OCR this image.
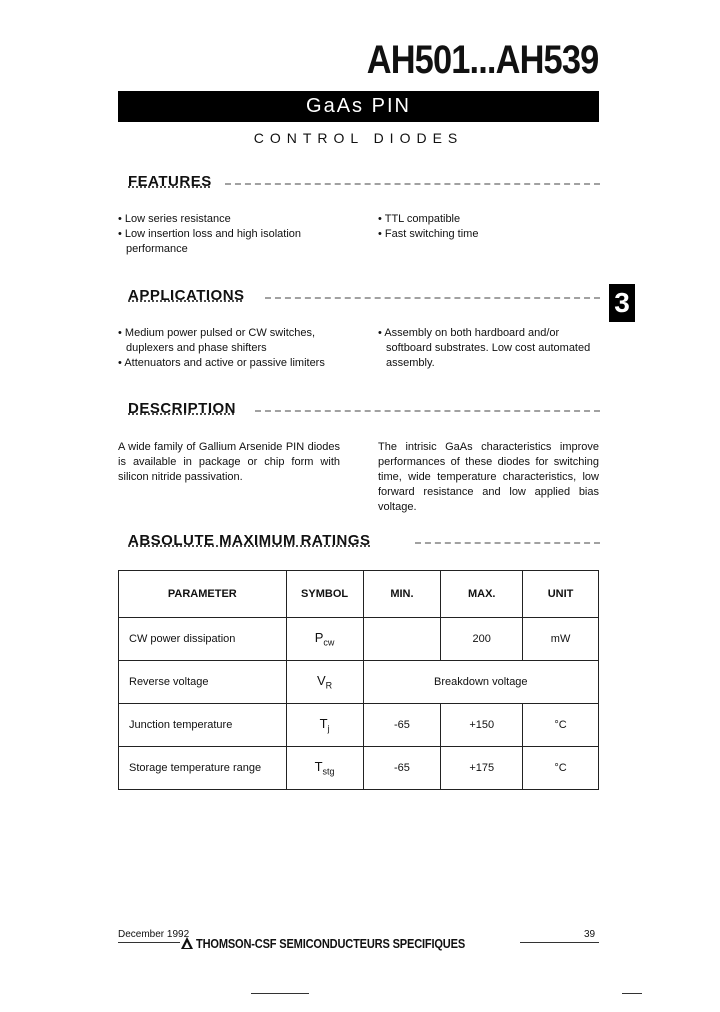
AH501...AH539
GaAs PIN
CONTROL DIODES
3
FEATURES
• Low series resistance
• Low insertion loss and high isolation performance
• TTL compatible
• Fast switching time
APPLICATIONS
• Medium power pulsed or CW switches, duplexers and phase shifters
• Attenuators and active or passive limiters
• Assembly on both hardboard and/or softboard substrates. Low cost automated assembly.
DESCRIPTION

A wide family of Gallium Arsenide PIN diodes is available in package or chip form with silicon nitride passivation.

The intrisic GaAs characteristics improve performances of these diodes for switching time, wide temperature characteristics, low forward resistance and low applied bias voltage.

ABSOLUTE MAXIMUM RATINGS
PARAMETER	SYMBOL	MIN.	MAX.	UNIT
CW power dissipation	$P_{cw}$		200	mW
Reverse voltage	$V_R$	Breakdown voltage		
Junction temperature	$T_j$	-65	+150	°C
Storage temperature range	$T_{stg}$	-65	+175	°C
December 1992	39
THOMSON-CSF SEMICONDUCTEURS SPECIFIQUES
